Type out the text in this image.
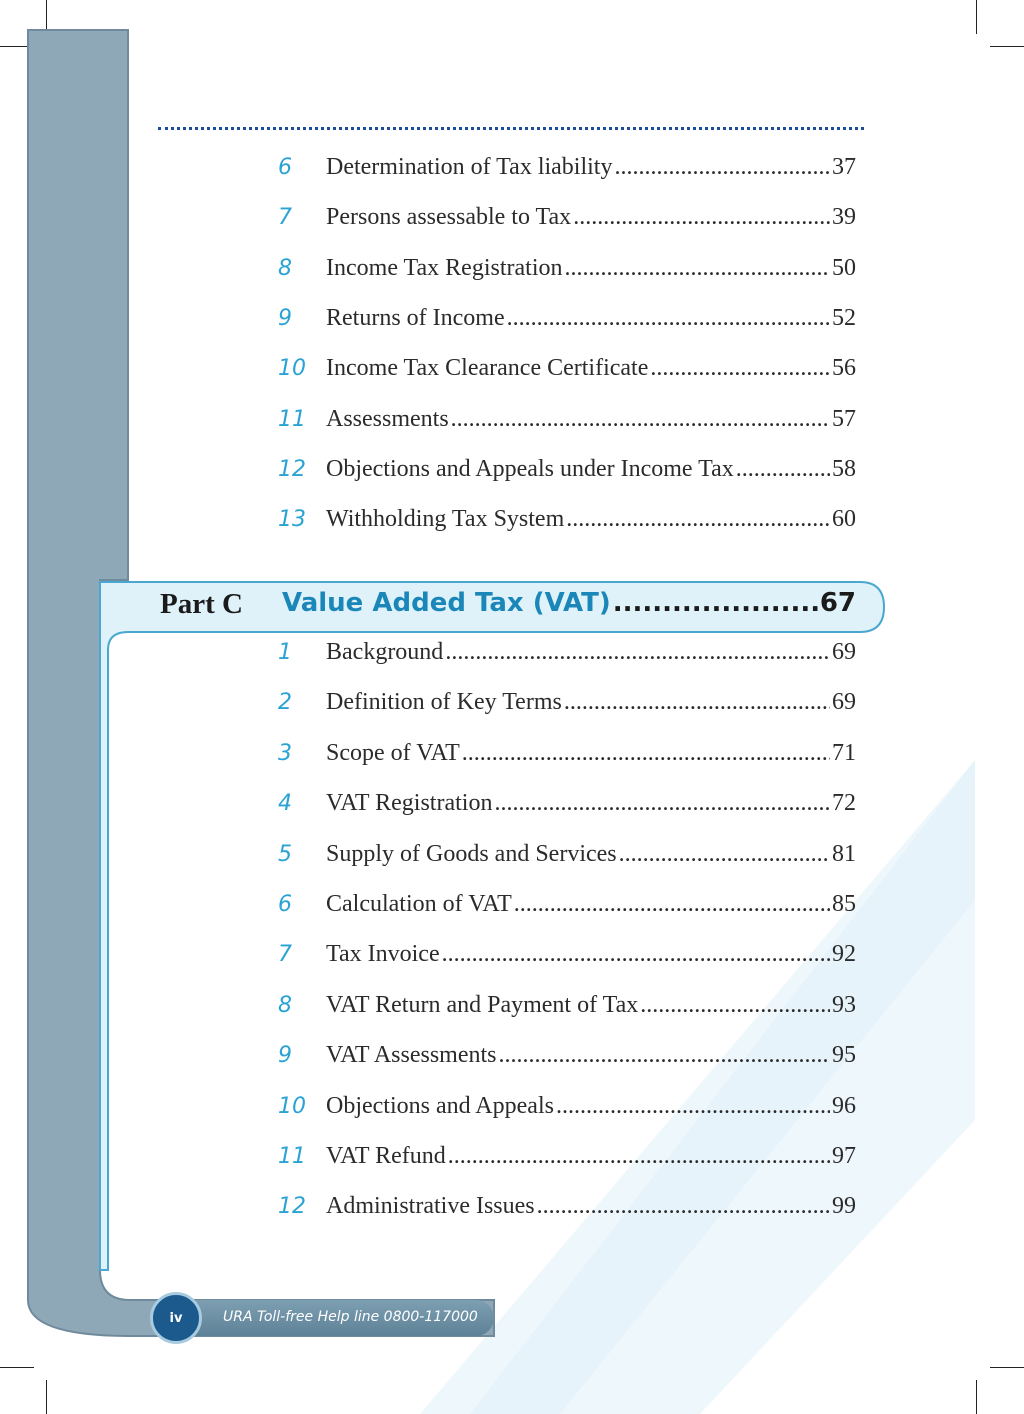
6	Determination of Tax liability .....	37
7	Persons assessable to Tax .....	39
8	Income Tax Registration .....	50
9	Returns of Income .....	52
10 Income Tax Clearance Certificate .....	56
11 Assessments .....	57
12 Objections and Appeals under Income Tax .....	58
13 Withholding Tax System .....	60
Part C Value Added Tax (VAT) .....	67
1	Background .....	69
2	Definition of Key Terms .....	69
3	Scope of VAT .....	71
4	VAT Registration .....	72
5	Supply of Goods and Services .....	81
6	Calculation of VAT .....	85
7	Tax Invoice .....	92
8	VAT Return and Payment of Tax .....	93
9	VAT Assessments .....	95
10 Objections and Appeals .....	96
11 VAT Refund .....	97
12 Administrative Issues .....	99
iv	URA Toll-free Help line 0800-117000
